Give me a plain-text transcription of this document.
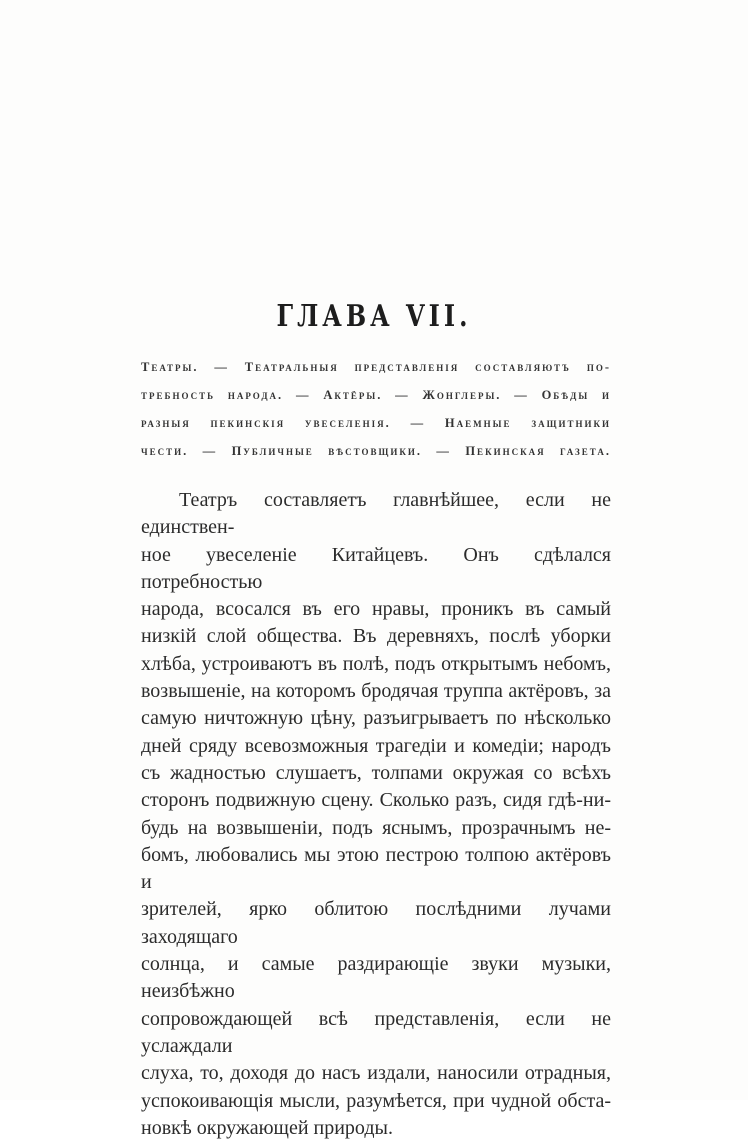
ГЛАВА VII.
Театры. — Театральныя представленія составляютъ по-
требность народа. — Актёры. — Жонглеры. — Обѣды и
разныя пекинскія увеселенія. — Наемные защитники
чести. — Публичные вѣстовщики. — Пекинская газета.
Театръ составляетъ главнѣйшее, если не единствен-
ное увеселеніе Китайцевъ. Онъ сдѣлался потребностью
народа, всосался въ его нравы, проникъ въ самый
низкій слой общества. Въ деревняхъ, послѣ уборки
хлѣба, устроиваютъ въ полѣ, подъ открытымъ небомъ,
возвышеніе, на которомъ бродячая труппа актёровъ, за
самую ничтожную цѣну, разъигрываетъ по нѣсколько
дней сряду всевозможныя трагедіи и комедіи; народъ
съ жадностью слушаетъ, толпами окружая со всѣхъ
сторонъ подвижную сцену. Сколько разъ, сидя гдѣ-ни-
будь на возвышеніи, подъ яснымъ, прозрачнымъ не-
бомъ, любовались мы этою пестрою толпою актёровъ и
зрителей, ярко облитою послѣдними лучами заходящаго
солнца, и самые раздирающіе звуки музыки, неизбѣжно
сопровождающей всѣ представленія, если не услаждали
слуха, то, доходя до насъ издали, наносили отрадныя,
успокоивающія мысли, разумѣется, при чудной обста-
новкѣ окружающей природы.
